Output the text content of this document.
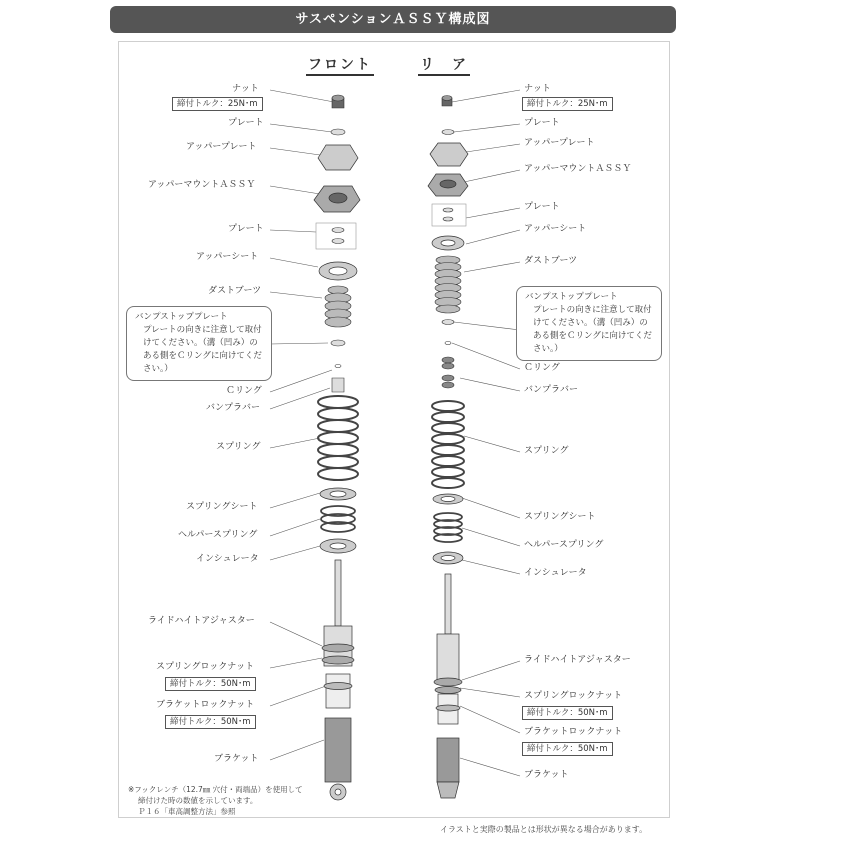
サスペンションＡＳＳＹ構成図
フロント	リ　ア
ナット
締付トルク：25N･m
プレート
アッパープレート
アッパーマウントＡＳＳＹ
プレート
アッパーシート
ダストブーツ
バンプストッププレート
プレートの向きに注意して取付
けてください。（溝（凹み）の
ある側をＣリングに向けてくだ
さい。）
Ｃリング
バンプラバー
スプリング
スプリングシート
ヘルパースプリング
インシュレータ
ライドハイトアジャスター
スプリングロックナット
締付トルク：50N･m
ブラケットロックナット
締付トルク：50N･m
ブラケット
ナット
締付トルク：25N･m
プレート
アッパープレート
アッパーマウントＡＳＳＹ
プレート
アッパーシート
ダストブーツ
バンプストッププレート
プレートの向きに注意して取付
けてください。（溝（凹み）の
ある側をＣリングに向けてくだ
さい。）
Ｃリング
バンプラバー
スプリング
スプリングシート
ヘルパースプリング
インシュレータ
ライドハイトアジャスター
スプリングロックナット
締付トルク：50N･m
ブラケットロックナット
締付トルク：50N･m
ブラケット
※フックレンチ（12.7㎜ 穴付・両端品）を使用して
締付けた時の数値を示しています。
Ｐ１６「車高調整方法」参照
イラストと実際の製品とは形状が異なる場合があります。
